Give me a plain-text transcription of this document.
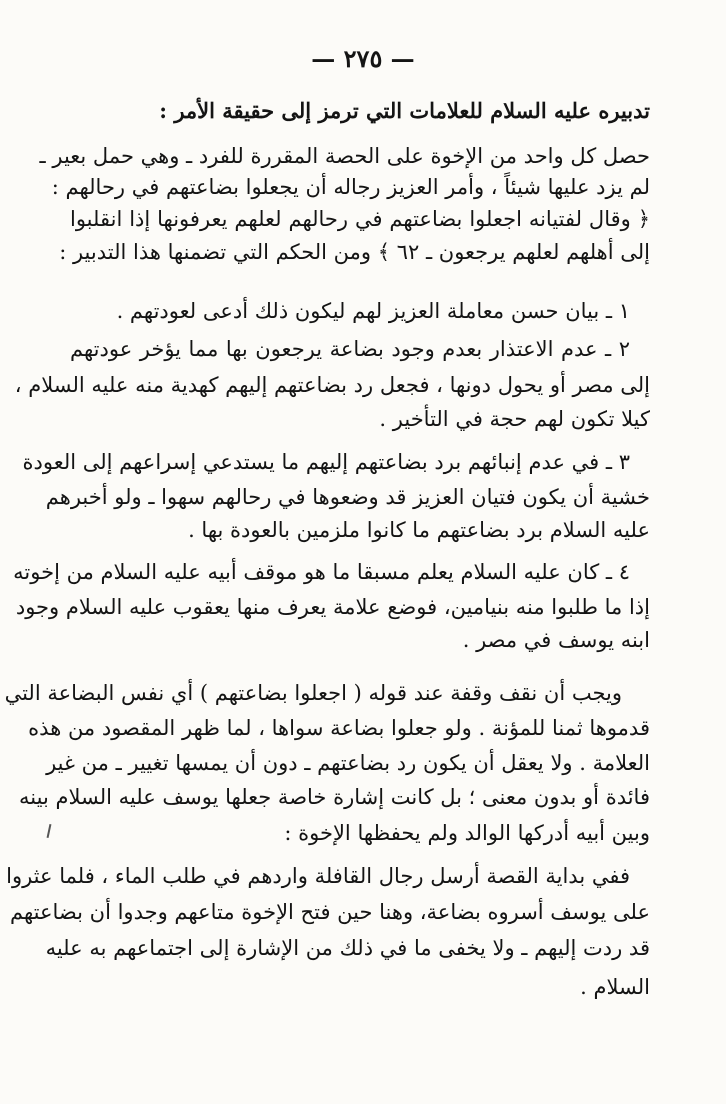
— ٢٧٥ —
تدبيره عليه السلام للعلامات التي ترمز إلى حقيقة الأمر :
حصل كل واحد من الإخوة على الحصة المقررة للفرد ـ وهي حمل بعير ـ
لم يزد عليها شيئاً ، وأمر العزيز رجاله أن يجعلوا بضاعتهم في رحالهم :
﴿ وقال لفتيانه اجعلوا بضاعتهم في رحالهم لعلهم يعرفونها إذا انقلبوا
إلى أهلهم لعلهم يرجعون ـ ٦٢ ﴾ ومن الحكم التي تضمنها هذا التدبير :
١ ـ بيان حسن معاملة العزيز لهم ليكون ذلك أدعى لعودتهم .
٢ ـ عدم الاعتذار بعدم وجود بضاعة يرجعون بها مما يؤخر عودتهم
إلى مصر أو يحول دونها ، فجعل رد بضاعتهم إليهم كهدية منه عليه السلام ،
كيلا تكون لهم حجة في التأخير .
٣ ـ في عدم إنبائهم برد بضاعتهم إليهم ما يستدعي إسراعهم إلى العودة
خشية أن يكون فتيان العزيز قد وضعوها في رحالهم سهوا ـ ولو أخبرهم
عليه السلام برد بضاعتهم ما كانوا ملزمين بالعودة بها .
٤ ـ كان عليه السلام يعلم مسبقا ما هو موقف أبيه عليه السلام من إخوته
إذا ما طلبوا منه بنيامين، فوضع علامة يعرف منها يعقوب عليه السلام وجود
ابنه يوسف في مصر .
ويجب أن نقف وقفة عند قوله ( اجعلوا بضاعتهم ) أي نفس البضاعة التي
قدموها ثمنا للمؤنة . ولو جعلوا بضاعة سواها ، لما ظهر المقصود من هذه
العلامة . ولا يعقل أن يكون رد بضاعتهم ـ دون أن يمسها تغيير ـ من غير
فائدة أو بدون معنى ؛ بل كانت إشارة خاصة جعلها يوسف عليه السلام بينه
وبين أبيه أدركها الوالد ولم يحفظها الإخوة :
ففي بداية القصة أرسل رجال القافلة واردهم في طلب الماء ، فلما عثروا
على يوسف أسروه بضاعة، وهنا حين فتح الإخوة متاعهم وجدوا أن بضاعتهم
قد ردت إليهم ـ ولا يخفى ما في ذلك من الإشارة إلى اجتماعهم به عليه
السلام .
